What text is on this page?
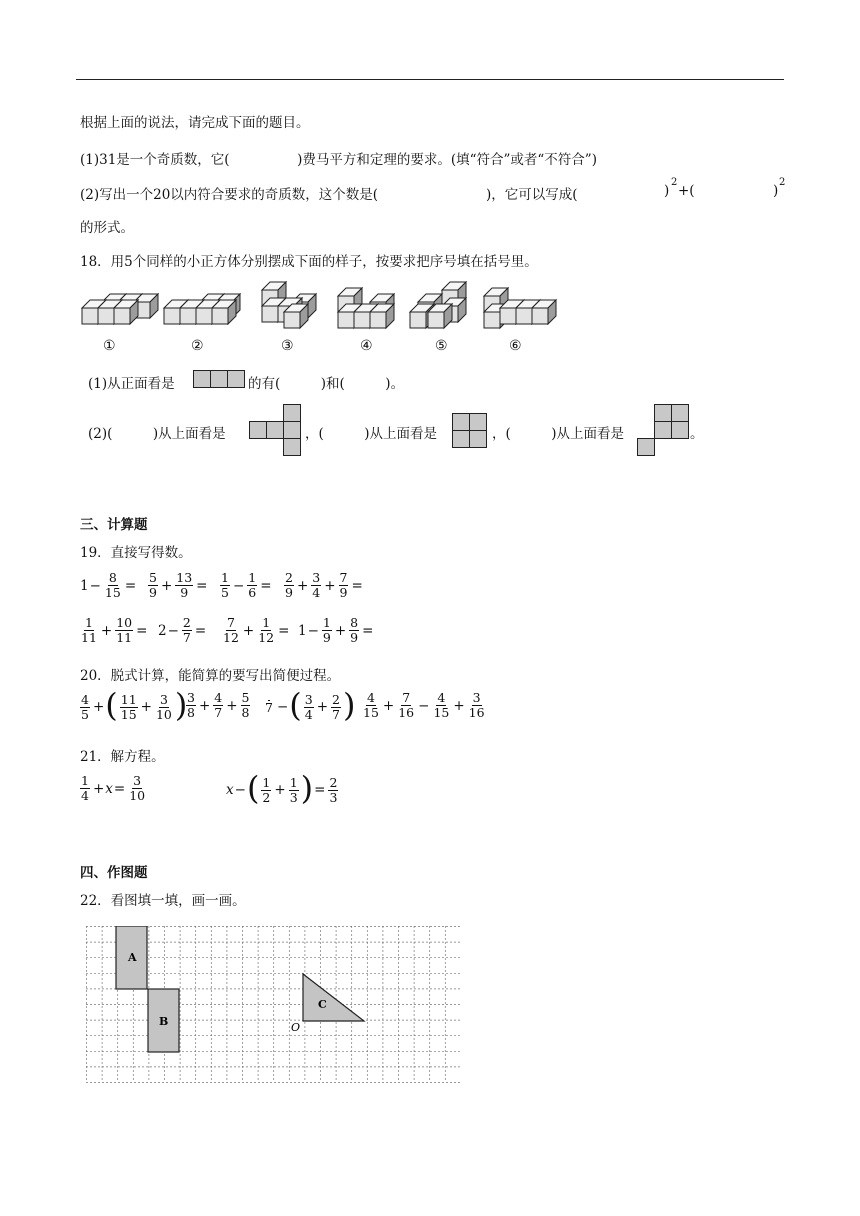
根据上面的说法，请完成下面的题目。
(1)31是一个奇质数，它(　　　　　)费马平方和定理的要求。(填“符合”或者“不符合”)
(2)写出一个20以内符合要求的奇质数，这个数是(	)，它可以写成(	)
2
+(	)
2
的形式。
18．用5个同样的小正方体分别摆成下面的样子，按要求把序号填在括号里。
①	②	③	④	⑤	⑥
(1)从正面看是	的有(　　　)和(　　　)。
(2)(　　　)从上面看是	，(　　　)从上面看是	，(　　　)从上面看是	。
三、计算题
19．直接写得数。
$1 - \frac{8}{15} = \frac{5}{9} + \frac{13}{9} = \frac{1}{5} - \frac{1}{6} = \frac{2}{9} + \frac{3}{4} + \frac{7}{9}$ =
$\frac{1}{11} + \frac{10}{11} = 2 - \frac{2}{7} = \frac{7}{12} + \frac{1}{12} = 1 - \frac{1}{9} + \frac{8}{9}$ =
20．脱式计算，能简算的要写出简便过程。
$\frac{4}{5}$ + ( $\frac{11}{15} + \frac{3}{10}$ )
$\frac{3}{8} + \frac{4}{7} + \frac{5}{8} 7$ − ( $\frac{3}{4} + \frac{2}{7}$ ) $\frac{4}{15} + \frac{7}{16} - \frac{4}{15} + \frac{3}{16}$
21．解方程。
$\frac{1}{4} + x = \frac{3}{10}$	x − ( $\frac{1}{2} + \frac{1}{3}$ ) = $\frac{2}{3}$
四、作图题
22．看图填一填，画一画。
A
B
C
O
